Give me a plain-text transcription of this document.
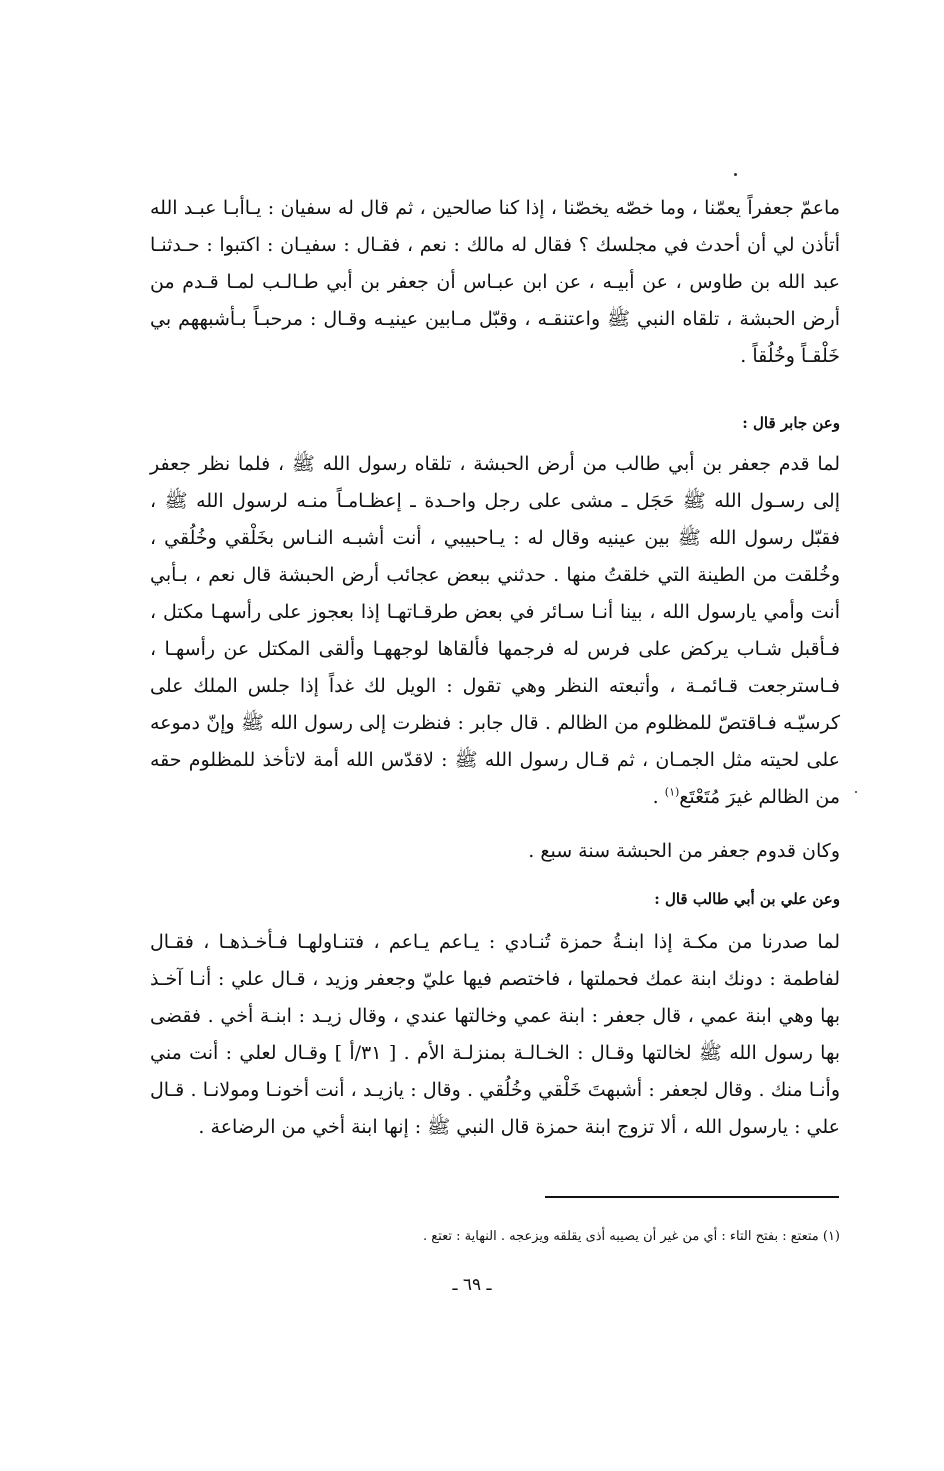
ماعمّ جعفراً يعمّنا ، وما خصّه يخصّنا ، إذا كنا صالحين ، ثم قال له سفيان : يـاأبـا عبـد الله أتأذن لي أن أحدث في مجلسك ؟ فقال له مالك : نعم ، فقـال : سفيـان : اكتبوا : حـدثنـا عبد الله بن طاوس ، عن أبيـه ، عن ابن عبـاس أن جعفر بن أبي طـالـب لمـا قـدم من أرض الحبشة ، تلقاه النبي ﷺ واعتنقـه ، وقبّل مـابين عينيـه وقـال : مرحبـاً بـأشبههم بي خَلْقـاً وخُلُقاً .

وعن جابر قال :

لما قدم جعفر بن أبي طالب من أرض الحبشة ، تلقاه رسول الله ﷺ ، فلما نظر جعفر إلى رسـول الله ﷺ حَجَل ـ مشى على رجل واحـدة ـ إعظـامـاً منـه لرسول الله ﷺ ، فقبّل رسول الله ﷺ بين عينيه وقال له : يـاحبيبي ، أنت أشبـه النـاس بخَلْقي وخُلُقي ، وخُلقت من الطينة التي خلقتُ منها . حدثني ببعض عجائب أرض الحبشة قال نعم ، بـأبي أنت وأمي يارسول الله ، بينا أنـا سـائر في بعض طرقـاتهـا إذا بعجوز على رأسهـا مكتل ، فـأقبل شـاب يركض على فرس له فرجمها فألقاها لوجههـا وألقى المكتل عن رأسهـا ، فـاسترجعت قـائمـة ، وأتبعته النظر وهي تقول : الويل لك غداً إذا جلس الملك على كرسيّـه فـاقتصّ للمظلوم من الظالم . قال جابر : فنظرت إلى رسول الله ﷺ وإنّ دموعه على لحيته مثل الجمـان ، ثم قـال رسول الله ﷺ : لاقدّس الله أمة لاتأخذ للمظلوم حقه من الظالم غيرَ مُتَعْتَع$^{(١)}$ .

وكان قدوم جعفر من الحبشة سنة سبع .

وعن علي بن أبي طالب قال :

لما صدرنا من مكـة إذا ابنـةُ حمزة تُنـادي : يـاعم يـاعم ، فتنـاولهـا فـأخـذهـا ، فقـال لفاطمة : دونك ابنة عمك فحملتها ، فاختصم فيها عليّ وجعفر وزيد ، قـال علي : أنـا آخـذ بها وهي ابنة عمي ، قال جعفر : ابنة عمي وخالتها عندي ، وقال زيـد : ابنـة أخي . فقضى بها رسول الله ﷺ لخالتها وقـال : الخـالـة بمنزلـة الأم . [ ٣١/أ ] وقـال لعلي : أنت مني وأنـا منك . وقال لجعفر : أشبهتَ خَلْقي وخُلُقي . وقال : يازيـد ، أنت أخونـا ومولانـا . قـال علي : يارسول الله ، ألا تزوج ابنة حمزة قال النبي ﷺ : إنها ابنة أخي من الرضاعة .

(١) متعتع : بفتح التاء : أي من غير أن يصيبه أذى يقلقه ويزعجه . النهاية : تعتع .

ـ ٦٩ ـ
